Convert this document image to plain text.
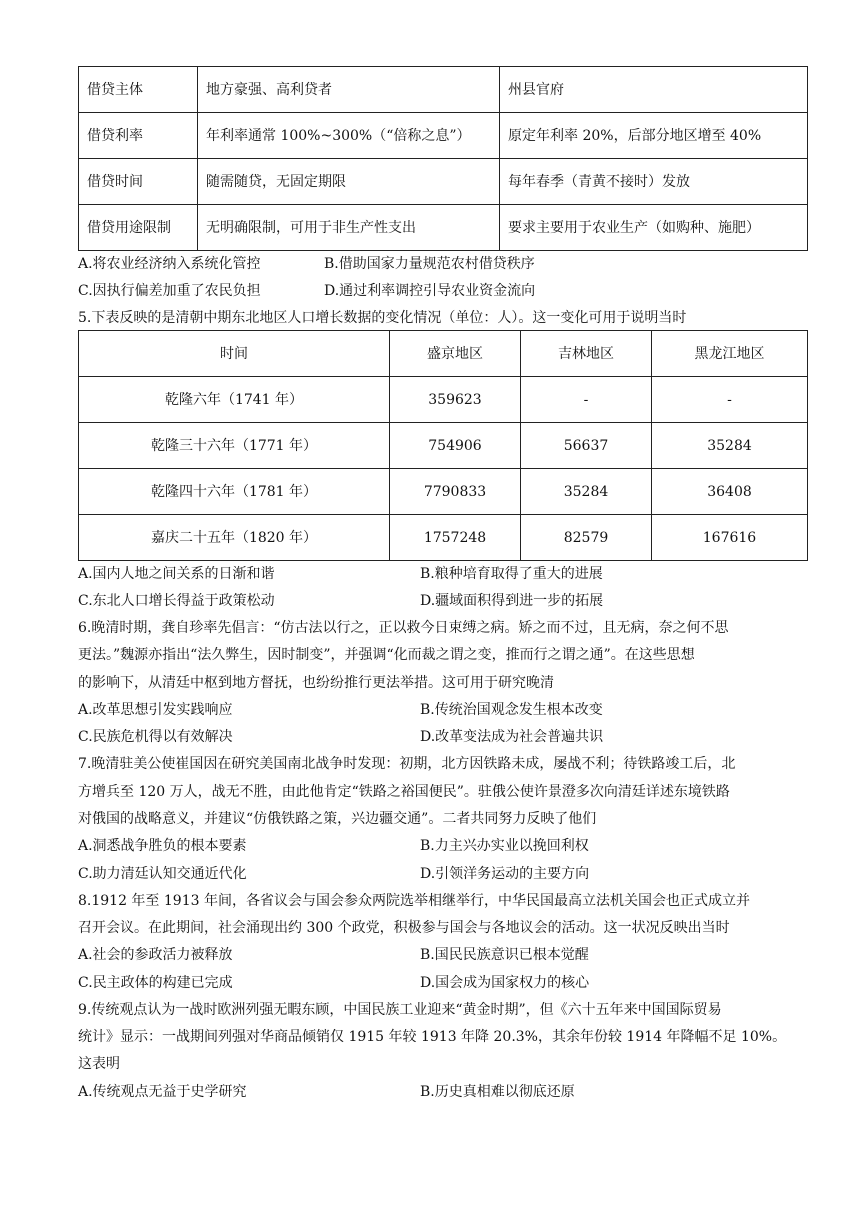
借贷主体	地方豪强、高利贷者	州县官府
借贷利率	年利率通常 100%~300%（“倍称之息”）	原定年利率 20%，后部分地区增至 40%
借贷时间	随需随贷，无固定期限	每年春季（青黄不接时）发放
借贷用途限制	无明确限制，可用于非生产性支出	要求主要用于农业生产（如购种、施肥）
A.将农业经济纳入系统化管控	B.借助国家力量规范农村借贷秩序
C.因执行偏差加重了农民负担	D.通过利率调控引导农业资金流向
5.下表反映的是清朝中期东北地区人口增长数据的变化情况（单位：人）。这一变化可用于说明当时
时间	盛京地区	吉林地区	黑龙江地区
乾隆六年（1741 年）	359623	-	-
乾隆三十六年（1771 年）	754906	56637	35284
乾隆四十六年（1781 年）	7790833	35284	36408
嘉庆二十五年（1820 年）	1757248	82579	167616
A.国内人地之间关系的日渐和谐	B.粮种培育取得了重大的进展
C.东北人口增长得益于政策松动	D.疆域面积得到进一步的拓展
6.晚清时期，龚自珍率先倡言：“仿古法以行之，正以救今日束缚之病。矫之而不过，且无病，奈之何不思
更法。”魏源亦指出“法久弊生，因时制变”，并强调“化而裁之谓之变，推而行之谓之通”。在这些思想
的影响下，从清廷中枢到地方督抚，也纷纷推行更法举措。这可用于研究晚清
A.改革思想引发实践响应	B.传统治国观念发生根本改变
C.民族危机得以有效解决	D.改革变法成为社会普遍共识
7.晚清驻美公使崔国因在研究美国南北战争时发现：初期，北方因铁路未成，屡战不利；待铁路竣工后，北
方增兵至 120 万人，战无不胜，由此他肯定“铁路之裕国便民”。驻俄公使许景澄多次向清廷详述东境铁路
对俄国的战略意义，并建议“仿俄铁路之策，兴边疆交通”。二者共同努力反映了他们
A.洞悉战争胜负的根本要素	B.力主兴办实业以挽回利权
C.助力清廷认知交通近代化	D.引领洋务运动的主要方向
8.1912 年至 1913 年间，各省议会与国会参众两院选举相继举行，中华民国最高立法机关国会也正式成立并
召开会议。在此期间，社会涌现出约 300 个政党，积极参与国会与各地议会的活动。这一状况反映出当时
A.社会的参政活力被释放	B.国民民族意识已根本觉醒
C.民主政体的构建已完成	D.国会成为国家权力的核心
9.传统观点认为一战时欧洲列强无暇东顾，中国民族工业迎来“黄金时期”，但《六十五年来中国国际贸易
统计》显示：一战期间列强对华商品倾销仅 1915 年较 1913 年降 20.3%，其余年份较 1914 年降幅不足 10%。
这表明
A.传统观点无益于史学研究	B.历史真相难以彻底还原
